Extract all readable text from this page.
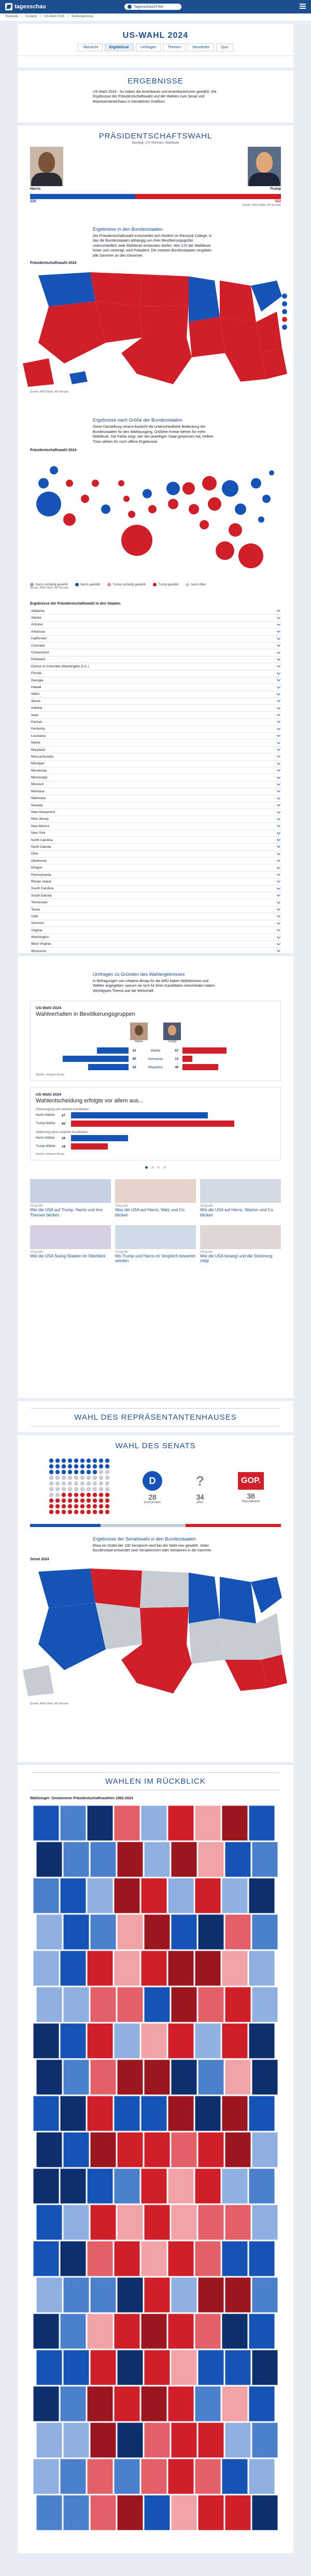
tagesschau	Tagesschau24 live
Startseite › Ausland › US-Wahl 2024 › Wahlergebnisse
US-WAHL 2024
Übersicht	Ergebnisse	Umfragen	Themen	Newsletter	Quiz
ERGEBNISSE
US-Wahl 2024 - So haben die Amerikaner und Amerikanerinnen gewählt. Die Ergebnisse der Präsidentschaftswahl und der Wahlen zum Senat und Repräsentantenhaus in interaktiven Grafiken.
PRÄSIDENTSCHAFTSWAHL
Benötigt: 270 Stimmen, Wahlleute
Harris	Trump
226	312
Quelle: ARD-Wahl, AP Results
Ergebnisse in den Bundesstaaten
Die Präsidentschaftswahl entscheidet sich letztlich im Electoral College, in das die Bundesstaaten abhängig von ihrer Bevölkerungsgröße unterschiedlich viele Wahlleute entsenden dürfen. Wer 270 der Wahlleute hinter sich vereinigt, wird Präsident. Die meisten Bundesstaaten vergeben alle Stimmen an den Gewinner.
Präsidentschaftswahl 2024
Quelle: ARD-Wahl, AP Results
Ergebnisse nach Größe der Bundesstaaten
Diese Darstellung veranschaulicht die unterschiedliche Bedeutung der Bundesstaaten für den Wahlausgang. Größere Kreise stehen für mehr Wahlleute. Die Farbe zeigt, wer den jeweiligen Staat gewonnen hat, hellere Töne stehen für noch offene Ergebnisse.
Präsidentschaftswahl 2024
Harris vorläufig gewählt	Harris gewählt	Trump vorläufig gewählt	Trump gewählt	Noch offen
Quelle: ARD-Wahl, AP Results
Ergebnisse der Präsidentschaftswahl in den Staaten
Alabama
Alaska
Arizona
Arkansas
Kalifornien
Colorado
Connecticut
Delaware
District of Columbia (Washington D.C.)
Florida
Georgia
Hawaii
Idaho
Illinois
Indiana
Iowa
Kansas
Kentucky
Louisiana
Maine
Maryland
Massachusetts
Michigan
Minnesota
Mississippi
Missouri
Montana
Nebraska
Nevada
New Hampshire
New Jersey
New Mexico
New York
North Carolina
North Dakota
Ohio
Oklahoma
Oregon
Pennsylvania
Rhode Island
South Carolina
South Dakota
Tennessee
Texas
Utah
Vermont
Virginia
Washington
West Virginia
Wisconsin
Umfragen zu Gründen des Wahlergebnisses
In Befragungen von infratest dimap für die ARD haben Wählerinnen und Wähler angegeben, warum sie sich für ihren Kandidaten entschieden haben. Wichtigstes Thema war die Wirtschaft.
US-Wahl 2024
Wahlverhalten in Bevölkerungsgruppen
Harris	Trump
41	Weiße	57
85	Schwarze	13
52	Hispanics	46
Quelle: infratest dimap
US-Wahl 2024
Wahlentscheidung erfolgte vor allem aus...
Überzeugung von meinem Kandidaten
Harris-Wähler	67
Trump-Wähler	80
Ablehnung eines anderen Kandidaten
Harris-Wähler	28
Trump-Wähler	18
Quelle: infratest dimap

Infografik
Wie die USA auf Trump, Harris und ihre Themen blicken
Infografik
Was die USA auf Harris, Walz und Co. blicken
Infografik
Wie die USA auf Harris, Walzen und Co. blicken
Infografik
Wie die USA Swing-Staaten im Überblick
Infografik
Wo Trump und Harris im Vergleich bewertet werden
Infografik
Wie die USA bewegt und die Stimmung zeigt
WAHL DES REPRÄSENTANTENHAUSES
WAHL DES SENATS
D
28
Demokraten
?
34
offen
GOP.
38
Republikaner
Ergebnisse der Senatswahl in den Bundesstaaten
Etwa ein Drittel der 100 Senatoren wird bei der Wahl neu gewählt. Jeder Bundesstaat entsendet zwei Senatorinnen oder Senatoren in die Kammer.
Senat 2024
Quelle: ARD-Wahl, AP Results
WAHLEN IM RÜCKBLICK
Wahlsieger: Gewonnene Präsidentschaftswahlen 1992-2024
